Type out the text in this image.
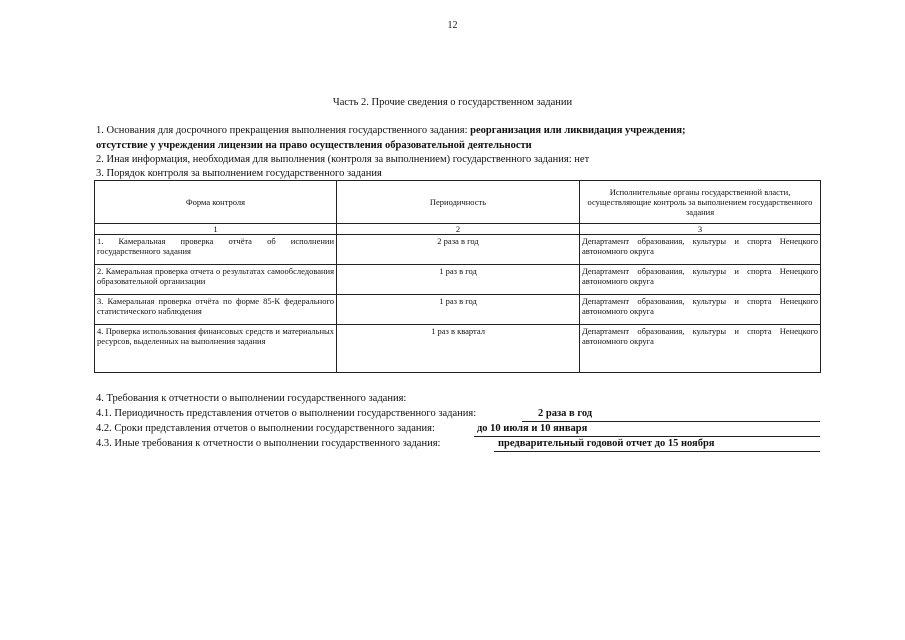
12
Часть 2. Прочие сведения о государственном задании
1. Основания для досрочного прекращения выполнения государственного задания: реорганизация или ликвидация учреждения;
отсутствие у учреждения лицензии на право осуществления образовательной деятельности
2. Иная информация, необходимая для выполнения (контроля за выполнением) государственного задания: нет
3. Порядок контроля за выполнением государственного задания
Форма контроля	Периодичность	Исполнительные органы государственной власти, осуществляющие контроль за выполнением государственного задания
1	2	3
1. Камеральная проверка отчёта об исполнении государственного задания	2 раза в год	Департамент образования, культуры и спорта Ненецкого автономного округа
2. Камеральная проверка отчета о результатах самообследования образовательной организации	1 раз в год	Департамент образования, культуры и спорта Ненецкого автономного округа
3. Камеральная проверка отчёта по форме 85-К федерального статистического наблюдения	1 раз в год	Департамент образования, культуры и спорта Ненецкого автономного округа
4. Проверка использования финансовых средств и материальных ресурсов, выделенных на выполнения задания	1 раз в квартал	Департамент образования, культуры и спорта Ненецкого автономного округа
4. Требования к отчетности о выполнении государственного задания:
4.1. Периодичность представления отчетов о выполнении государственного задания:	2 раза в год
4.2. Сроки представления отчетов о выполнении государственного задания:	до 10 июля и 10 января
4.3. Иные требования к отчетности о выполнении государственного задания:	предварительный годовой отчет до 15 ноября
